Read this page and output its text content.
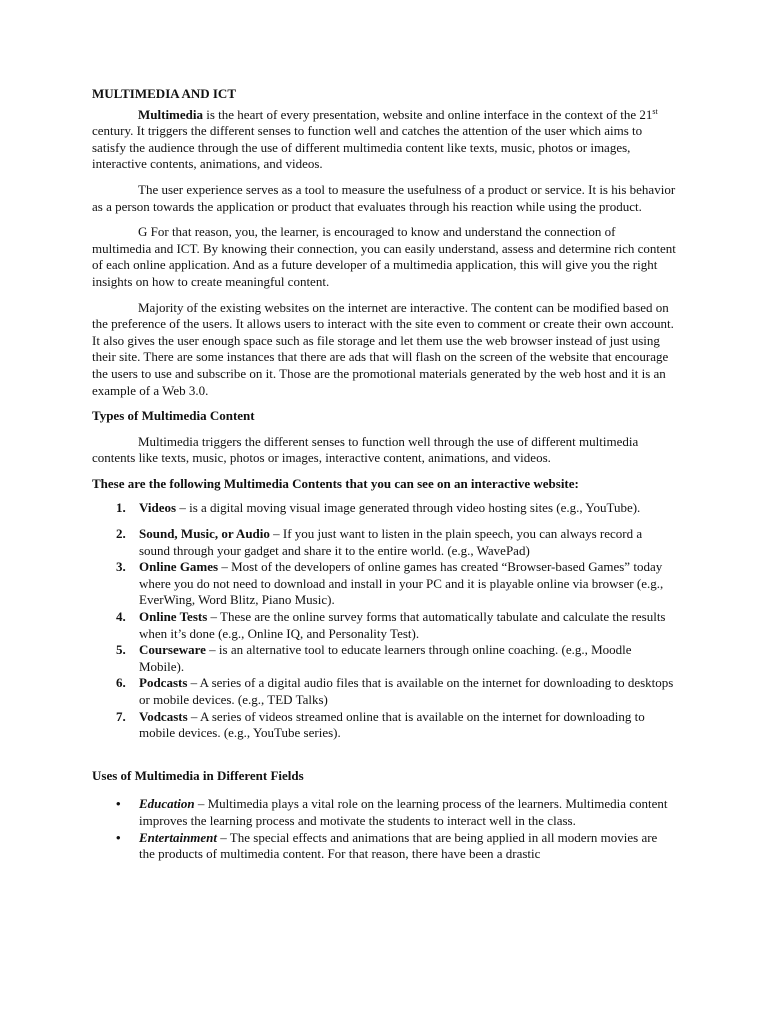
MULTIMEDIA AND ICT

Multimedia is the heart of every presentation, website and online interface in the context of the 21st century. It triggers the different senses to function well and catches the attention of the user which aims to satisfy the audience through the use of different multimedia content like texts, music, photos or images, interactive contents, animations, and videos.

The user experience serves as a tool to measure the usefulness of a product or service. It is his behavior as a person towards the application or product that evaluates through his reaction while using the product.

G For that reason, you, the learner, is encouraged to know and understand the connection of multimedia and ICT. By knowing their connection, you can easily understand, assess and determine rich content of each online application. And as a future developer of a multimedia application, this will give you the right insights on how to create meaningful content.

Majority of the existing websites on the internet are interactive. The content can be modified based on the preference of the users. It allows users to interact with the site even to comment or create their own account. It also gives the user enough space such as file storage and let them use the web browser instead of just using their site. There are some instances that there are ads that will flash on the screen of the website that encourage the users to use and subscribe on it. Those are the promotional materials generated by the web host and it is an example of a Web 3.0.

Types of Multimedia Content

Multimedia triggers the different senses to function well through the use of different multimedia contents like texts, music, photos or images, interactive content, animations, and videos.

These are the following Multimedia Contents that you can see on an interactive website:
1. Videos – is a digital moving visual image generated through video hosting sites (e.g., YouTube).
2. Sound, Music, or Audio – If you just want to listen in the plain speech, you can always record a sound through your gadget and share it to the entire world. (e.g., WavePad)
3. Online Games – Most of the developers of online games has created “Browser-based Games” today where you do not need to download and install in your PC and it is playable online via browser (e.g., EverWing, Word Blitz, Piano Music).
4. Online Tests – These are the online survey forms that automatically tabulate and calculate the results when it’s done (e.g., Online IQ, and Personality Test).
5. Courseware – is an alternative tool to educate learners through online coaching. (e.g., Moodle Mobile).
6. Podcasts – A series of a digital audio files that is available on the internet for downloading to desktops or mobile devices. (e.g., TED Talks)
7. Vodcasts – A series of videos streamed online that is available on the internet for downloading to mobile devices. (e.g., YouTube series).
Uses of Multimedia in Different Fields
• Education – Multimedia plays a vital role on the learning process of the learners. Multimedia content improves the learning process and motivate the students to interact well in the class.
• Entertainment – The special effects and animations that are being applied in all modern movies are the products of multimedia content. For that reason, there have been a drastic
